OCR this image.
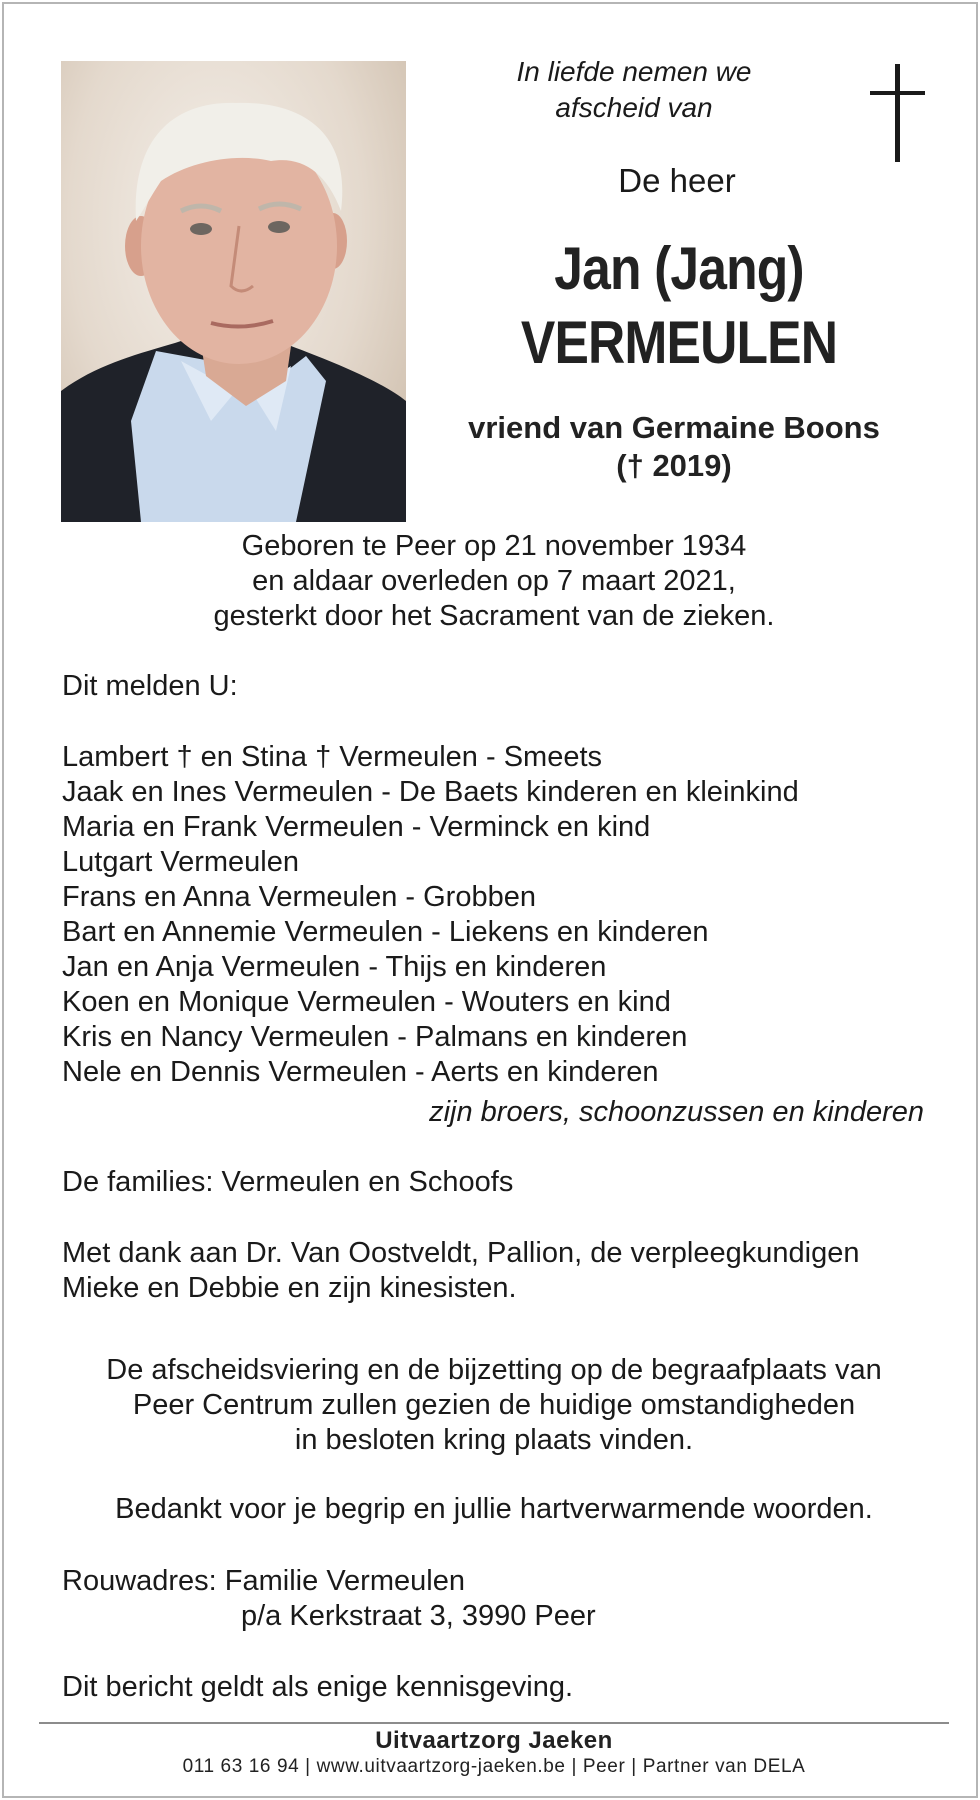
In liefde nemen we
afscheid van
De heer
Jan (Jang)
VERMEULEN
vriend van Germaine Boons
(† 2019)
Geboren te Peer op 21 november 1934
en aldaar overleden op 7 maart 2021,
gesterkt door het Sacrament van de zieken.
Dit melden U:
Lambert † en Stina † Vermeulen - Smeets
Jaak en Ines Vermeulen - De Baets kinderen en kleinkind
Maria en Frank Vermeulen - Verminck en kind
Lutgart Vermeulen
Frans en Anna Vermeulen - Grobben
Bart en Annemie Vermeulen - Liekens en kinderen
Jan en Anja Vermeulen - Thijs en kinderen
Koen en Monique Vermeulen - Wouters en kind
Kris en Nancy Vermeulen - Palmans en kinderen
Nele en Dennis Vermeulen - Aerts en kinderen
zijn broers, schoonzussen en kinderen
De families: Vermeulen en Schoofs
Met dank aan Dr. Van Oostveldt, Pallion, de verpleegkundigen
Mieke en Debbie en zijn kinesisten.
De afscheidsviering en de bijzetting op de begraafplaats van
Peer Centrum zullen gezien de huidige omstandigheden
in besloten kring plaats vinden.
Bedankt voor je begrip en jullie hartverwarmende woorden.
Rouwadres: Familie Vermeulen
p/a Kerkstraat 3, 3990 Peer
Dit bericht geldt als enige kennisgeving.
Uitvaartzorg Jaeken
011 63 16 94 | www.uitvaartzorg-jaeken.be | Peer | Partner van DELA
